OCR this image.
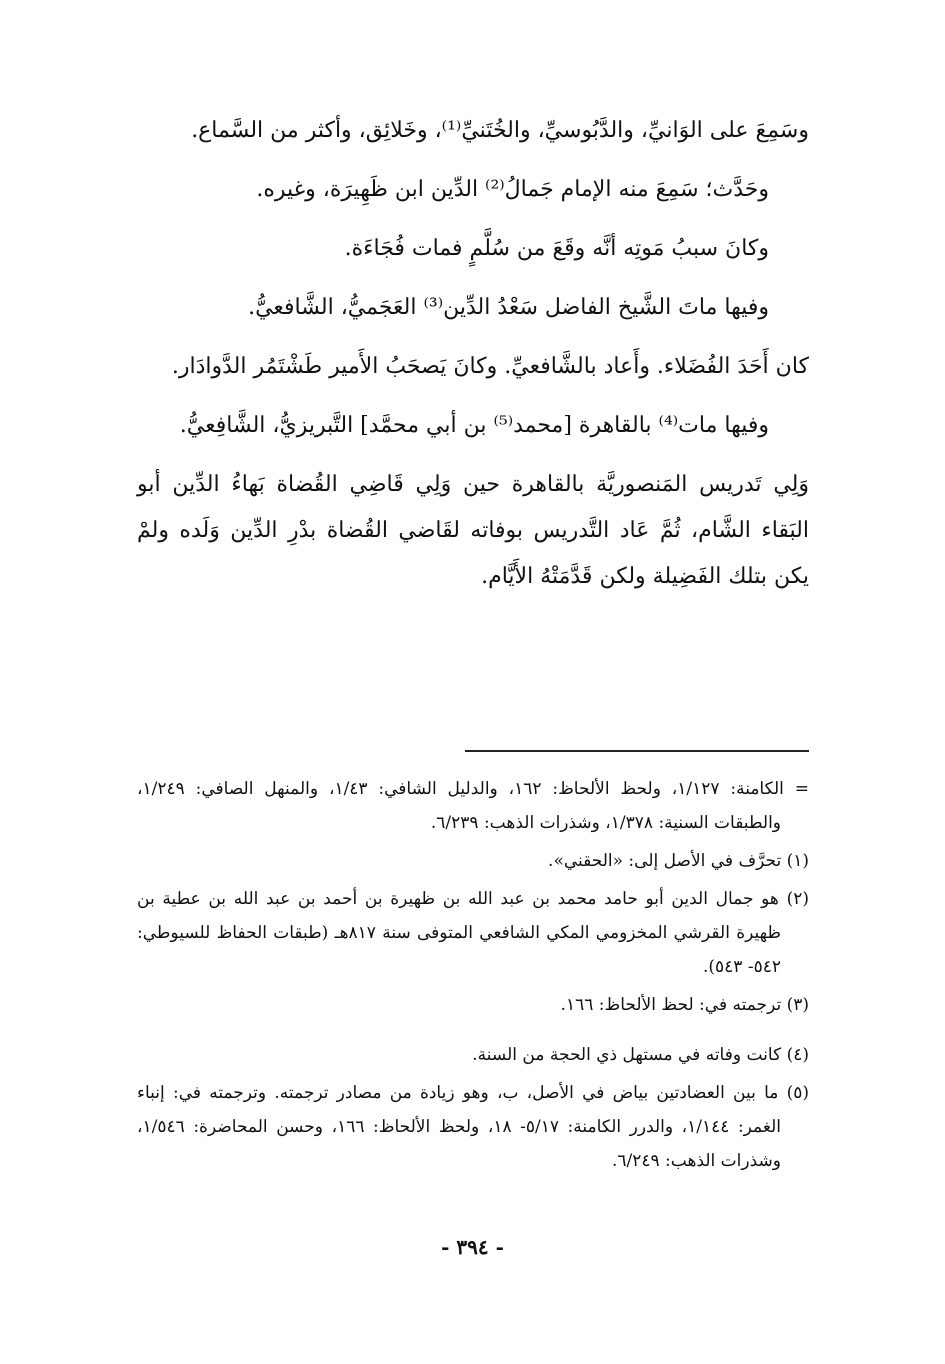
وسَمِعَ على الوَانيِّ، والدَّبُوسيِّ، والخُتَنيِّ⁽¹⁾، وخَلائِق، وأكثر من السَّماع.

وحَدَّث؛ سَمِعَ منه الإمام جَمالُ⁽²⁾ الدِّين ابن ظَهِيرَة، وغيره.

وكانَ سببُ مَوتِه أنَّه وقَعَ من سُلَّمٍ فمات فُجَاءَة.

وفيها ماتَ الشَّيخ الفاضل سَعْدُ الدِّين⁽³⁾ العَجَميُّ، الشَّافعيُّ.

كان أَحَدَ الفُضَلاء. وأَعاد بالشَّافعيِّ. وكانَ يَصحَبُ الأَمير طَشْتَمُر الدَّوادَار.

وفيها مات⁽⁴⁾ بالقاهرة [محمد⁽⁵⁾ بن أبي محمَّد] التَّبريزيُّ، الشَّافِعيُّ.

وَلِي تَدريس المَنصوريَّة بالقاهرة حين وَلِي قَاضِي القُضاة بَهاءُ الدِّين أبو البَقاء الشَّام، ثُمَّ عَاد التَّدريس بوفاته لقَاضي القُضاة بدْرِ الدِّين وَلَده ولمْ يكن بتلك الفَضِيلة ولكن قَدَّمَتْهُ الأَيَّام.

= الكامنة: ١/١٢٧، ولحظ الألحاظ: ١٦٢، والدليل الشافي: ١/٤٣، والمنهل الصافي: ١/٢٤٩، والطبقات السنية: ١/٣٧٨، وشذرات الذهب: ٦/٢٣٩.

(١) تحرَّف في الأصل إلى: «الحقني».

(٢) هو جمال الدين أبو حامد محمد بن عبد الله بن ظهيرة بن أحمد بن عبد الله بن عطية بن ظهيرة القرشي المخزومي المكي الشافعي المتوفى سنة ٨١٧هـ (طبقات الحفاظ للسيوطي: ٥٤٢- ٥٤٣).

(٣) ترجمته في: لحظ الألحاظ: ١٦٦.

(٤) كانت وفاته في مستهل ذي الحجة من السنة.

(٥) ما بين العضادتين بياض في الأصل، ب، وهو زيادة من مصادر ترجمته. وترجمته في: إنباء الغمر: ١/١٤٤، والدرر الكامنة: ٥/١٧- ١٨، ولحظ الألحاظ: ١٦٦، وحسن المحاضرة: ١/٥٤٦، وشذرات الذهب: ٦/٢٤٩.

- ٣٩٤ -
